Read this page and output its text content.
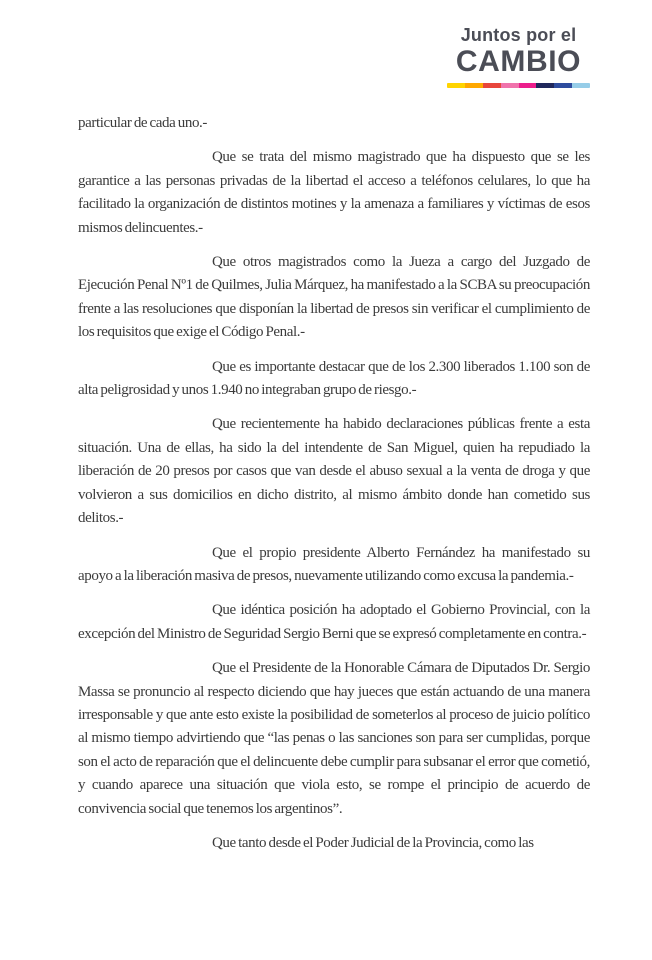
Juntos por el
CAMBIO

particular de cada uno.-

Que se trata del mismo magistrado que ha dispuesto que se les garantice a las personas privadas de la libertad el acceso a teléfonos celulares, lo que ha facilitado la organización de distintos motines y la amenaza a familiares y víctimas de esos mismos delincuentes.-

Que otros magistrados como la Jueza a cargo del Juzgado de Ejecución Penal Nº1 de Quilmes, Julia Márquez, ha manifestado a la SCBA su preocupación frente a las resoluciones que disponían la libertad de presos sin verificar el cumplimiento de los requisitos que exige el Código Penal.-

Que es importante destacar que de los 2.300 liberados 1.100 son de alta peligrosidad y unos 1.940 no integraban grupo de riesgo.-

Que recientemente ha habido declaraciones públicas frente a esta situación. Una de ellas, ha sido la del intendente de San Miguel, quien ha repudiado la liberación de 20 presos por casos que van desde el abuso sexual a la venta de droga y que volvieron a sus domicilios en dicho distrito, al mismo ámbito donde han cometido sus delitos.-

Que el propio presidente Alberto Fernández ha manifestado su apoyo a la liberación masiva de presos, nuevamente utilizando como excusa la pandemia.-

Que idéntica posición ha adoptado el Gobierno Provincial, con la excepción del Ministro de Seguridad Sergio Berni que se expresó completamente en contra.-

Que el Presidente de la Honorable Cámara de Diputados Dr. Sergio Massa se pronuncio al respecto diciendo que hay jueces que están actuando de una manera irresponsable y que ante esto existe la posibilidad de someterlos al proceso de juicio político al mismo tiempo advirtiendo que “las penas o las sanciones son para ser cumplidas, porque son el acto de reparación que el delincuente debe cumplir para subsanar el error que cometió, y cuando aparece una situación que viola esto, se rompe el principio de acuerdo de convivencia social que tenemos los argentinos”.

Que tanto desde el Poder Judicial de la Provincia, como las
